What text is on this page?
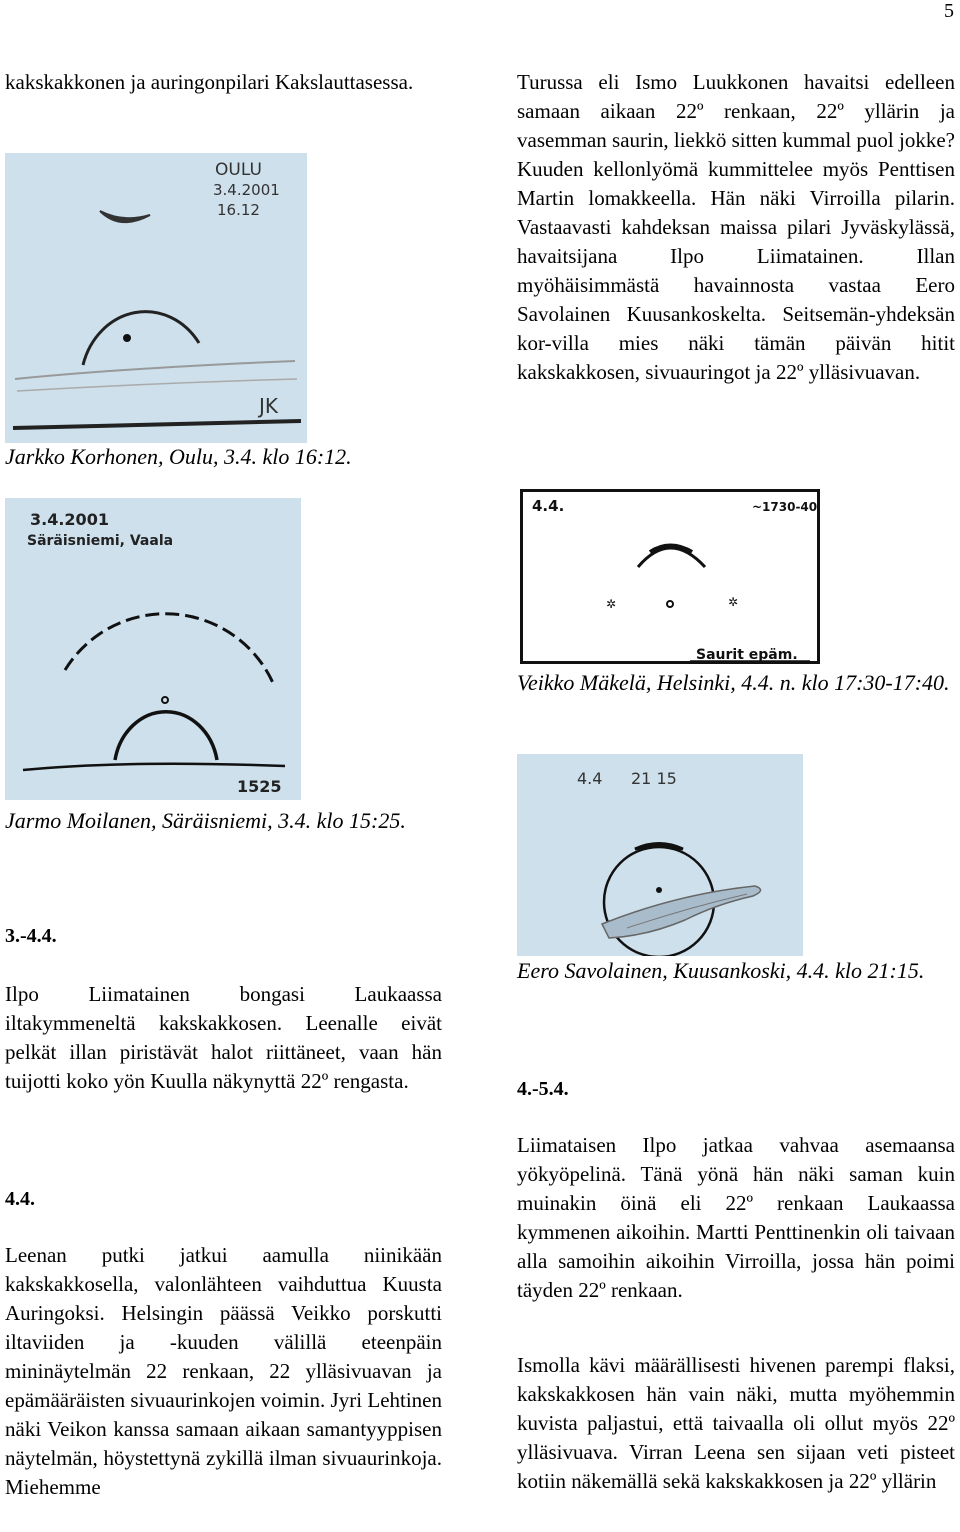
5

kakskakkonen ja auringonpilari Kakslauttasessa.

OULU
3.4.2001
16.12
JK

Jarkko Korhonen, Oulu, 3.4. klo 16:12.

3.4.2001
Säräisniemi, Vaala
1525

Jarmo Moilanen, Säräisniemi, 3.4. klo 15:25.

3.-4.4.

Ilpo Liimatainen bongasi Laukaassa iltakymmeneltä kakskakkosen. Leenalle eivät pelkät illan piristävät halot riittäneet, vaan hän tuijotti koko yön Kuulla näkynyttä 22º rengasta.

4.4.

Leenan putki jatkui aamulla niinikään kakskakkosella, valonlähteen vaihduttua Kuusta Auringoksi. Helsingin päässä Veikko porskutti iltaviiden ja -kuuden välillä eteenpäin mininäytelmän 22 renkaan, 22 ylläsivuavan ja epämääräisten sivuaurinkojen voimin. Jyri Lehtinen näki Veikon kanssa samaan aikaan samantyyppisen näytelmän, höystettynä zykillä ilman sivuaurinkoja. Miehemme

Turussa eli Ismo Luukkonen havaitsi edelleen samaan aikaan 22º renkaan, 22º yllärin ja vasemman saurin, liekkö sitten kummal puol jokke? Kuuden kellonlyömä kummittelee myös Penttisen Martin lomakkeella. Hän näki Virroilla pilarin. Vastaavasti kahdeksan maissa pilari Jyväskylässä, havaitsijana Ilpo Liimatainen. Illan myöhäisimmästä havainnosta vastaa Eero Savolainen Kuusankoskelta. Seitsemän-yhdeksän kor-villa mies näki tämän päivän hitit kakskakkosen, sivuauringot ja 22º ylläsivuavan.

4.4.	~1730-40
✲	✲
Saurit epäm.

Veikko Mäkelä, Helsinki, 4.4. n. klo 17:30-17:40.

4.4 21 15

Eero Savolainen, Kuusankoski, 4.4. klo 21:15.

4.-5.4.

Liimataisen Ilpo jatkaa vahvaa asemaansa yökyöpelinä. Tänä yönä hän näki saman kuin muinakin öinä eli 22º renkaan Laukaassa kymmenen aikoihin. Martti Penttinenkin oli taivaan alla samoihin aikoihin Virroilla, jossa hän poimi täyden 22º renkaan.

Ismolla kävi määrällisesti hivenen parempi flaksi, kakskakkosen hän vain näki, mutta myöhemmin kuvista paljastui, että taivaalla oli ollut myös 22º ylläsivuava. Virran Leena sen sijaan veti pisteet kotiin näkemällä sekä kakskakkosen ja 22º yllärin
